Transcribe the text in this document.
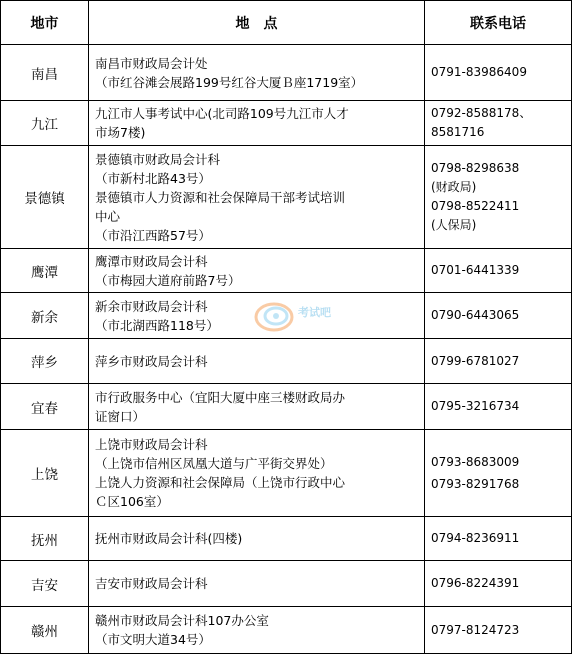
地市	地　点	联系电话
南昌	南昌市财政局会计处
（市红谷滩会展路199号红谷大厦Ｂ座1719室）	0791-83986409

九江	九江市人事考试中心(北司路109号九江市人才
市场7楼)	0792-8588178、
8581716

景德镇	景德镇市财政局会计科
（市新村北路43号）
景德镇市人力资源和社会保障局干部考试培训
中心
（市沿江西路57号）	0798-8298638
(财政局)
0798-8522411
(人保局)

鹰潭	鹰潭市财政局会计科
（市梅园大道府前路7号）	0701-6441339

新余	新余市财政局会计科
（市北湖西路118号）	0790-6443065

萍乡	萍乡市财政局会计科	0799-6781027

宜春	市行政服务中心（宜阳大厦中座三楼财政局办
证窗口）	0795-3216734

上饶	上饶市财政局会计科
（上饶市信州区凤凰大道与广平街交界处）
上饶人力资源和社会保障局（上饶市行政中心
Ｃ区106室）	0793-8683009
0793-8291768

抚州	抚州市财政局会计科(四楼)	0794-8236911

吉安	吉安市财政局会计科	0796-8224391

赣州	赣州市财政局会计科107办公室
（市文明大道34号）	0797-8124723
考试吧
